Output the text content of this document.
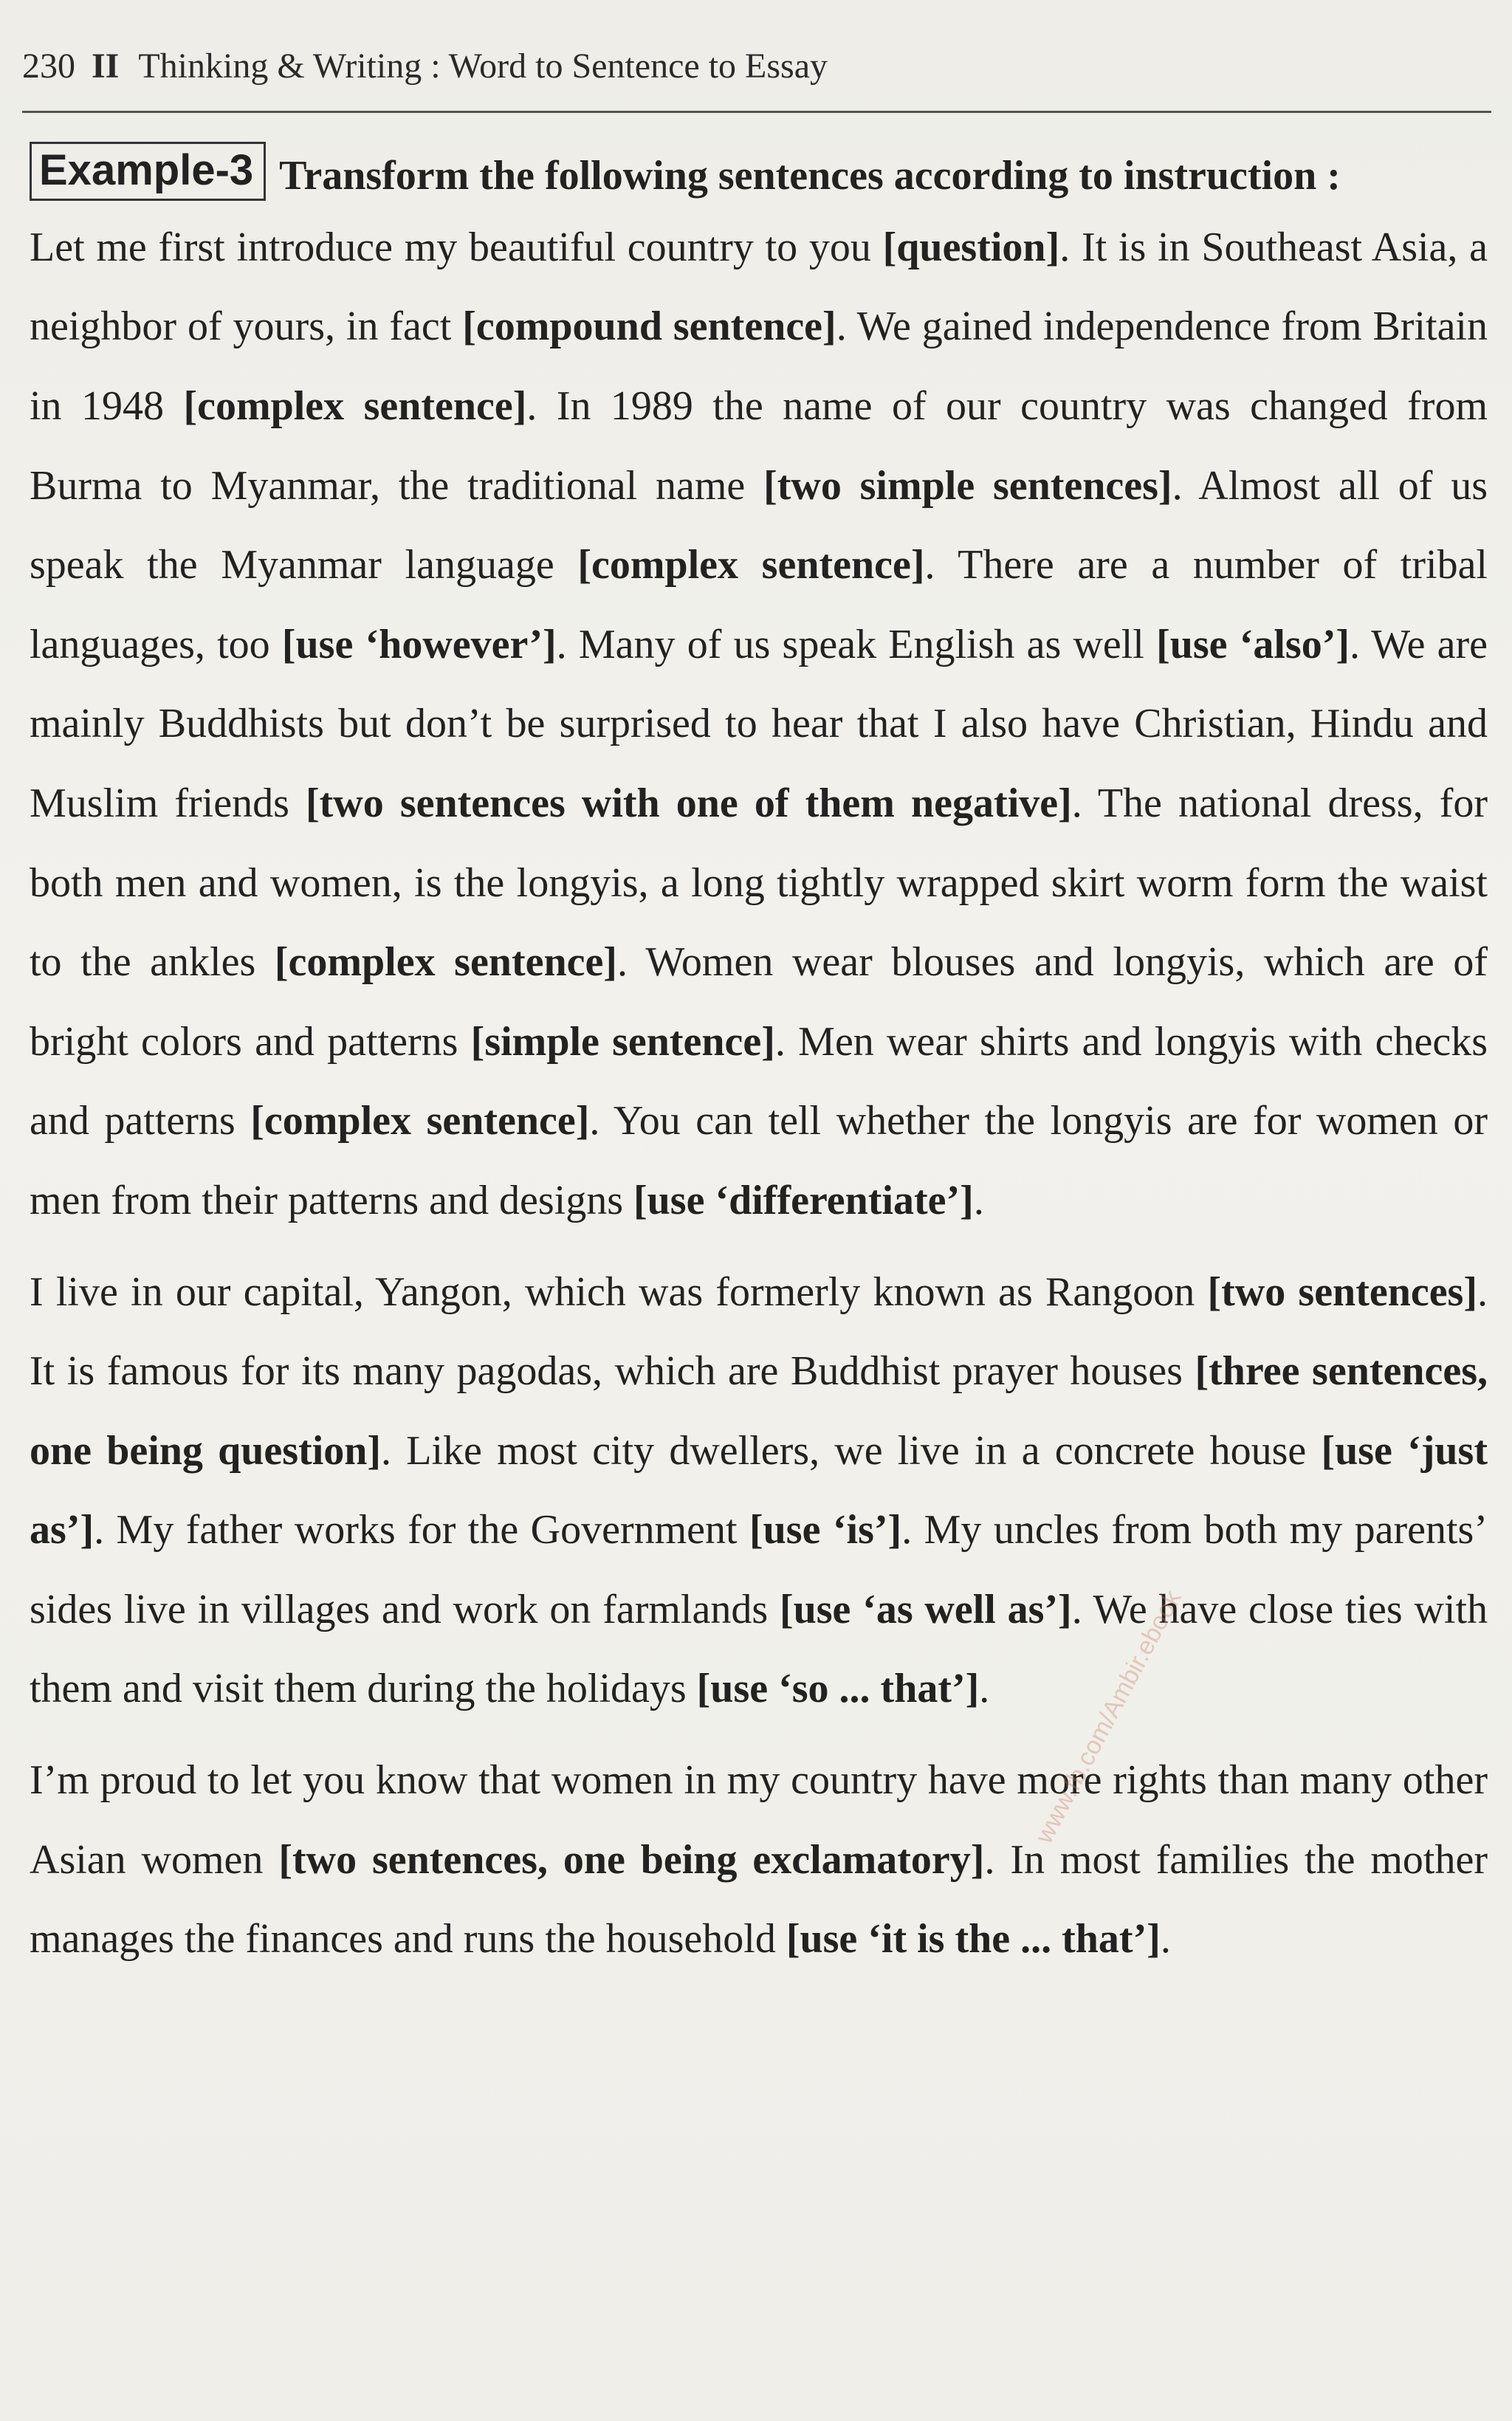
230 II Thinking & Writing : Word to Sentence to Essay
Example-3 Transform the following sentences according to instruction :

Let me first introduce my beautiful country to you [question]. It is in Southeast Asia, a neighbor of yours, in fact [compound sentence]. We gained independence from Britain in 1948 [complex sentence]. In 1989 the name of our country was changed from Burma to Myanmar, the traditional name [two simple sentences]. Almost all of us speak the Myanmar language [complex sentence]. There are a number of tribal languages, too [use ‘however’]. Many of us speak English as well [use ‘also’]. We are mainly Buddhists but don’t be surprised to hear that I also have Christian, Hindu and Muslim friends [two sentences with one of them negative]. The national dress, for both men and women, is the longyis, a long tightly wrapped skirt worm form the waist to the ankles [complex sentence]. Women wear blouses and longyis, which are of bright colors and patterns [simple sentence]. Men wear shirts and longyis with checks and patterns [complex sentence]. You can tell whether the longyis are for women or men from their patterns and designs [use ‘differentiate’].

I live in our capital, Yangon, which was formerly known as Rangoon [two sentences]. It is famous for its many pagodas, which are Buddhist prayer houses [three sentences, one being question]. Like most city dwellers, we live in a concrete house [use ‘just as’]. My father works for the Government [use ‘is’]. My uncles from both my parents’ sides live in villages and work on farmlands [use ‘as well as’]. We have close ties with them and visit them during the holidays [use ‘so ... that’].

I’m proud to let you know that women in my country have more rights than many other Asian women [two sentences, one being exclamatory]. In most families the mother manages the finances and runs the household [use ‘it is the ... that’].

www.fb.com/Ambir.ebook
